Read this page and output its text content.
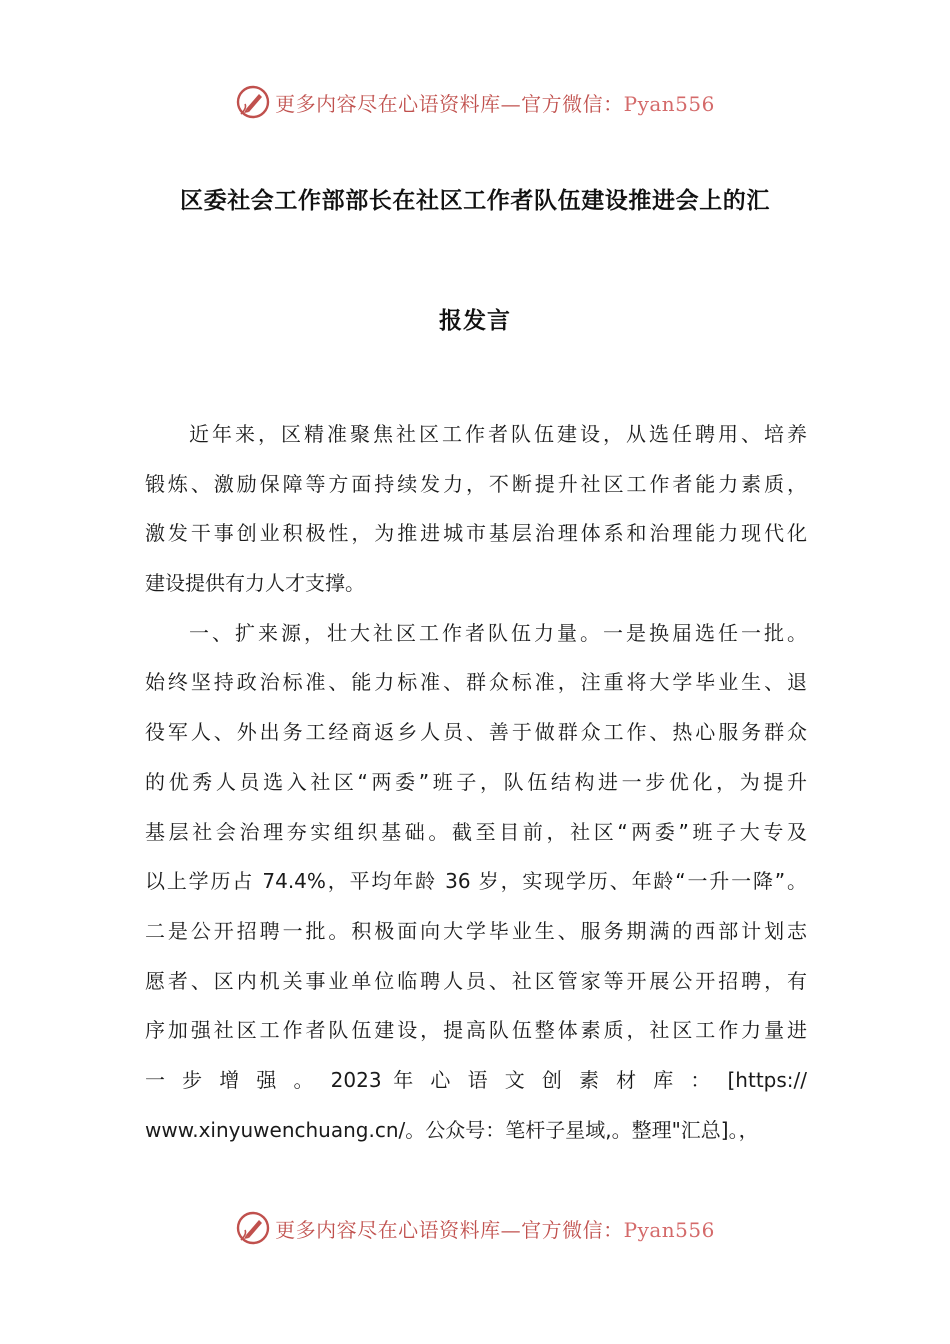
更多内容尽在心语资料库—官方微信：Pyan556
区委社会工作部部长在社区工作者队伍建设推进会上的汇
报发言
近年来，区精准聚焦社区工作者队伍建设，从选任聘用、培养
锻炼、激励保障等方面持续发力，不断提升社区工作者能力素质，
激发干事创业积极性，为推进城市基层治理体系和治理能力现代化
建设提供有力人才支撑。
一、扩来源，壮大社区工作者队伍力量。一是换届选任一批。
始终坚持政治标准、能力标准、群众标准，注重将大学毕业生、退
役军人、外出务工经商返乡人员、善于做群众工作、热心服务群众
的优秀人员选入社区“两委”班子，队伍结构进一步优化，为提升
基层社会治理夯实组织基础。截至目前，社区“两委”班子大专及
以上学历占 74.4%，平均年龄 36 岁，实现学历、年龄“一升一降”。
二是公开招聘一批。积极面向大学毕业生、服务期满的西部计划志
愿者、区内机关事业单位临聘人员、社区管家等开展公开招聘，有
序加强社区工作者队伍建设，提高队伍整体素质，社区工作力量进
一 步 增 强 。 2023 年 心 语 文 创 素 材 库 ： [https://
www.xinyuwenchuang.cn/。公众号：笔杆子星域,。整理"汇总]。，
更多内容尽在心语资料库—官方微信：Pyan556
